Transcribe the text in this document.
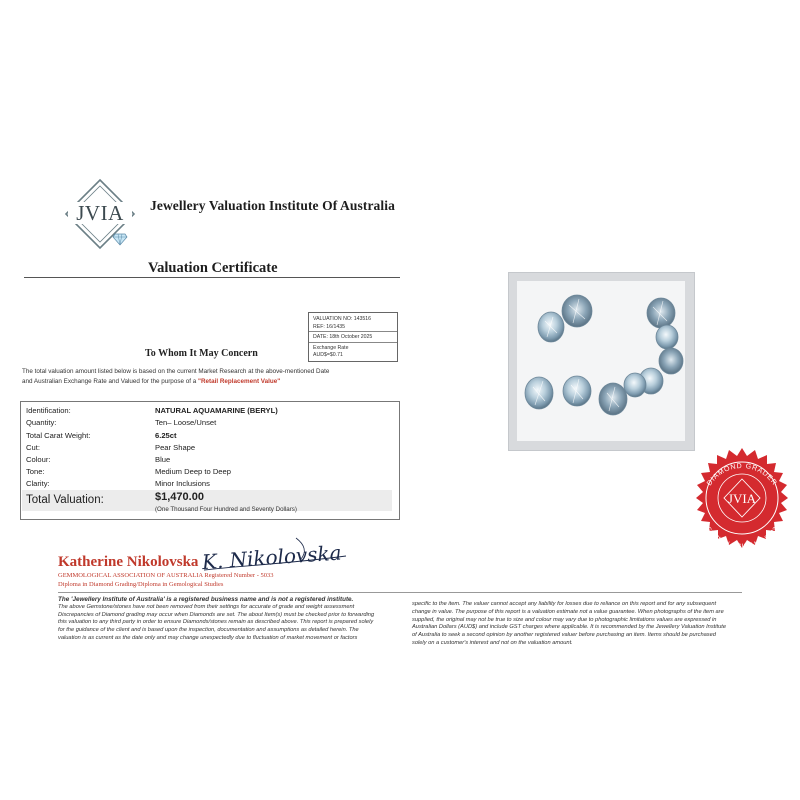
JVIA Jewellery Valuation Institute Of Australia
Valuation Certificate
VALUATION NO: 143516
REF: 16/1435
DATE: 18th October 2025
Exchange Rate
AUD$=$0.71
To Whom It May Concern
The total valuation amount listed below is based on the current Market Research at the above-mentioned Date
and Australian Exchange Rate and Valued for the purpose of a "Retail Replacement Value"
Identification:	NATURAL AQUAMARINE (BERYL)
Quantity:	Ten– Loose/Unset
Total Carat Weight:	6.25ct
Cut:	Pear Shape
Colour:	Blue
Tone:	Medium Deep to Deep
Clarity:	Minor Inclusions
Total Valuation:	$1,470.00
(One Thousand Four Hundred and Seventy Dollars)
DIAMOND GRADER
GEMMOLOGIST NO.5033
JVIA
Katherine Nikolovska K. Nikolovska
GEMMOLOGICAL ASSOCIATION OF AUSTRALIA Registered Number - 5033
Diploma in Diamond Grading/Diploma in Gemological Studies
The 'Jewellery Institute of Australia' is a registered business name and is not a registered institute.
The above Gemstone/stones have not been removed from their settings for accurate of grade and weight assessment
Discrepancies of Diamond grading may occur when Diamonds are set. The about Item(s) must be checked prior to forwarding
this valuation to any third party in order to ensure Diamonds/stones remain as described above. This report is prepared solely
for the guidance of the client and is based upon the inspection, documentation and assumptions as detailed herein. The
valuation is as current as the date only and may change unexpectedly due to fluctuation of market movement or factors
specific to the item. The valuer cannot accept any liability for losses due to reliance on this report and for any subsequent
change in value. The purpose of this report is a valuation estimate not a value guarantee. When photographs of the item are
supplied, the original may not be true to size and colour may vary due to photographic limitations values are expressed in
Australian Dollars (AUD$) and include GST charges where applicable. It is recommended by the Jewellery Valuation Institute
of Australia to seek a second opinion by another registered valuer before purchasing an item. Items should be purchased
solely on a customer's interest and not on the valuation amount.
